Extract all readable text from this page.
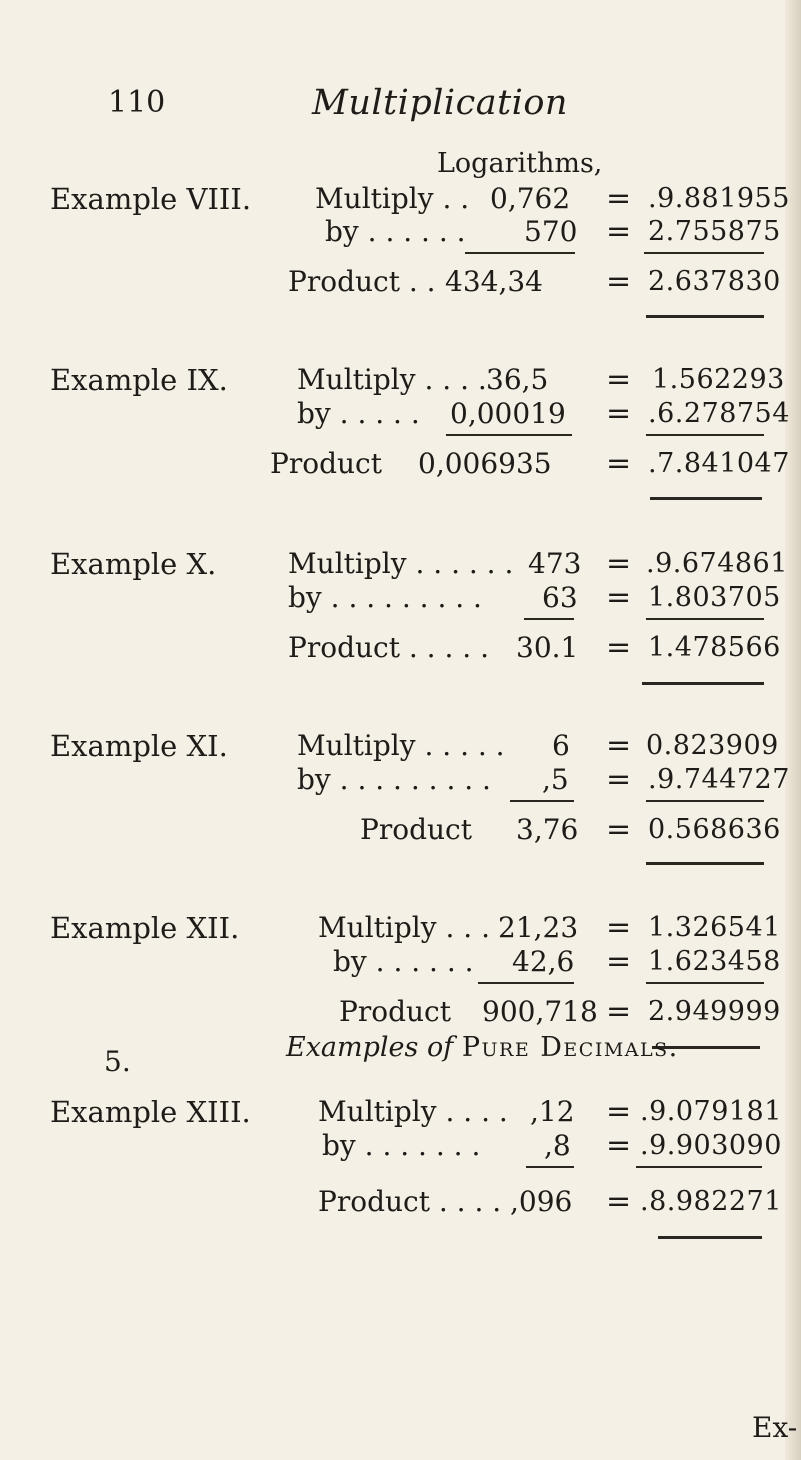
110	Multiplication
Logarithms,
Example VIII. Multiply . . 0,762 = .9.881955
by . . . . . . 570 = 2.755875
Product . . 434,34 = 2.637830
Example IX. Multiply . . . . 36,5 = 1.562293
by . . . . . 0,00019 = .6.278754
Product 0,006935 = .7.841047
Example X.	Multiply . . . . . . 473 = .9.674861
by . . . . . . . . . 63 = 1.803705
Product . . . . . 30.1 = 1.478566
Example XI. Multiply . . . . . 6 = 0.823909
by . . . . . . . . . ,5 = .9.744727
Product 3,76 = 0.568636
Example XII.	Multiply . . . 21,23 = 1.326541
by . . . . . . 42,6 = 1.623458
Product 900,718 = 2.949999
5.	Examples of Pure Decimals.
Example XIII. Multiply . . . . ,12 = .9.079181
by . . . . . . . ,8 = .9.903090
Product . . . . ,096 = .8.982271
Ex-
